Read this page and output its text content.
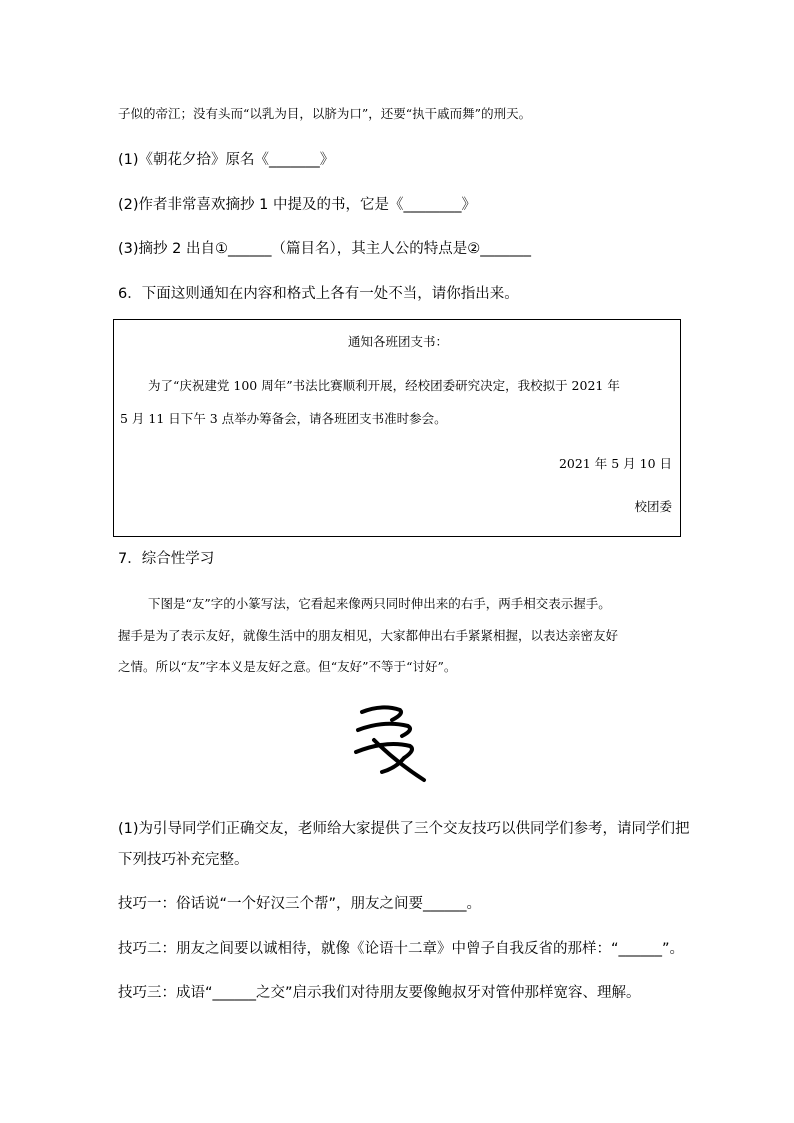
子似的帝江；没有头而“以乳为目，以脐为口”，还要“执干戚而舞”的刑天。
(1)《朝花夕拾》原名《_______》
(2)作者非常喜欢摘抄 1 中提及的书，它是《________》
(3)摘抄 2 出自①______（篇目名），其主人公的特点是②_______
6．下面这则通知在内容和格式上各有一处不当，请你指出来。
通知各班团支书：
为了“庆祝建党 100 周年”书法比赛顺利开展，经校团委研究决定，我校拟于 2021 年
5 月 11 日下午 3 点举办筹备会，请各班团支书准时参会。
2021 年 5 月 10 日
校团委
7．综合性学习
下图是“友”字的小篆写法，它看起来像两只同时伸出来的右手，两手相交表示握手。
握手是为了表示友好，就像生活中的朋友相见，大家都伸出右手紧紧相握，以表达亲密友好
之情。所以“友”字本义是友好之意。但“友好”不等于“讨好”。
(1)为引导同学们正确交友，老师给大家提供了三个交友技巧以供同学们参考，请同学们把
下列技巧补充完整。
技巧一：俗话说“一个好汉三个帮”，朋友之间要______。
技巧二：朋友之间要以诚相待，就像《论语十二章》中曾子自我反省的那样：“______”。
技巧三：成语“______之交”启示我们对待朋友要像鲍叔牙对管仲那样宽容、理解。
